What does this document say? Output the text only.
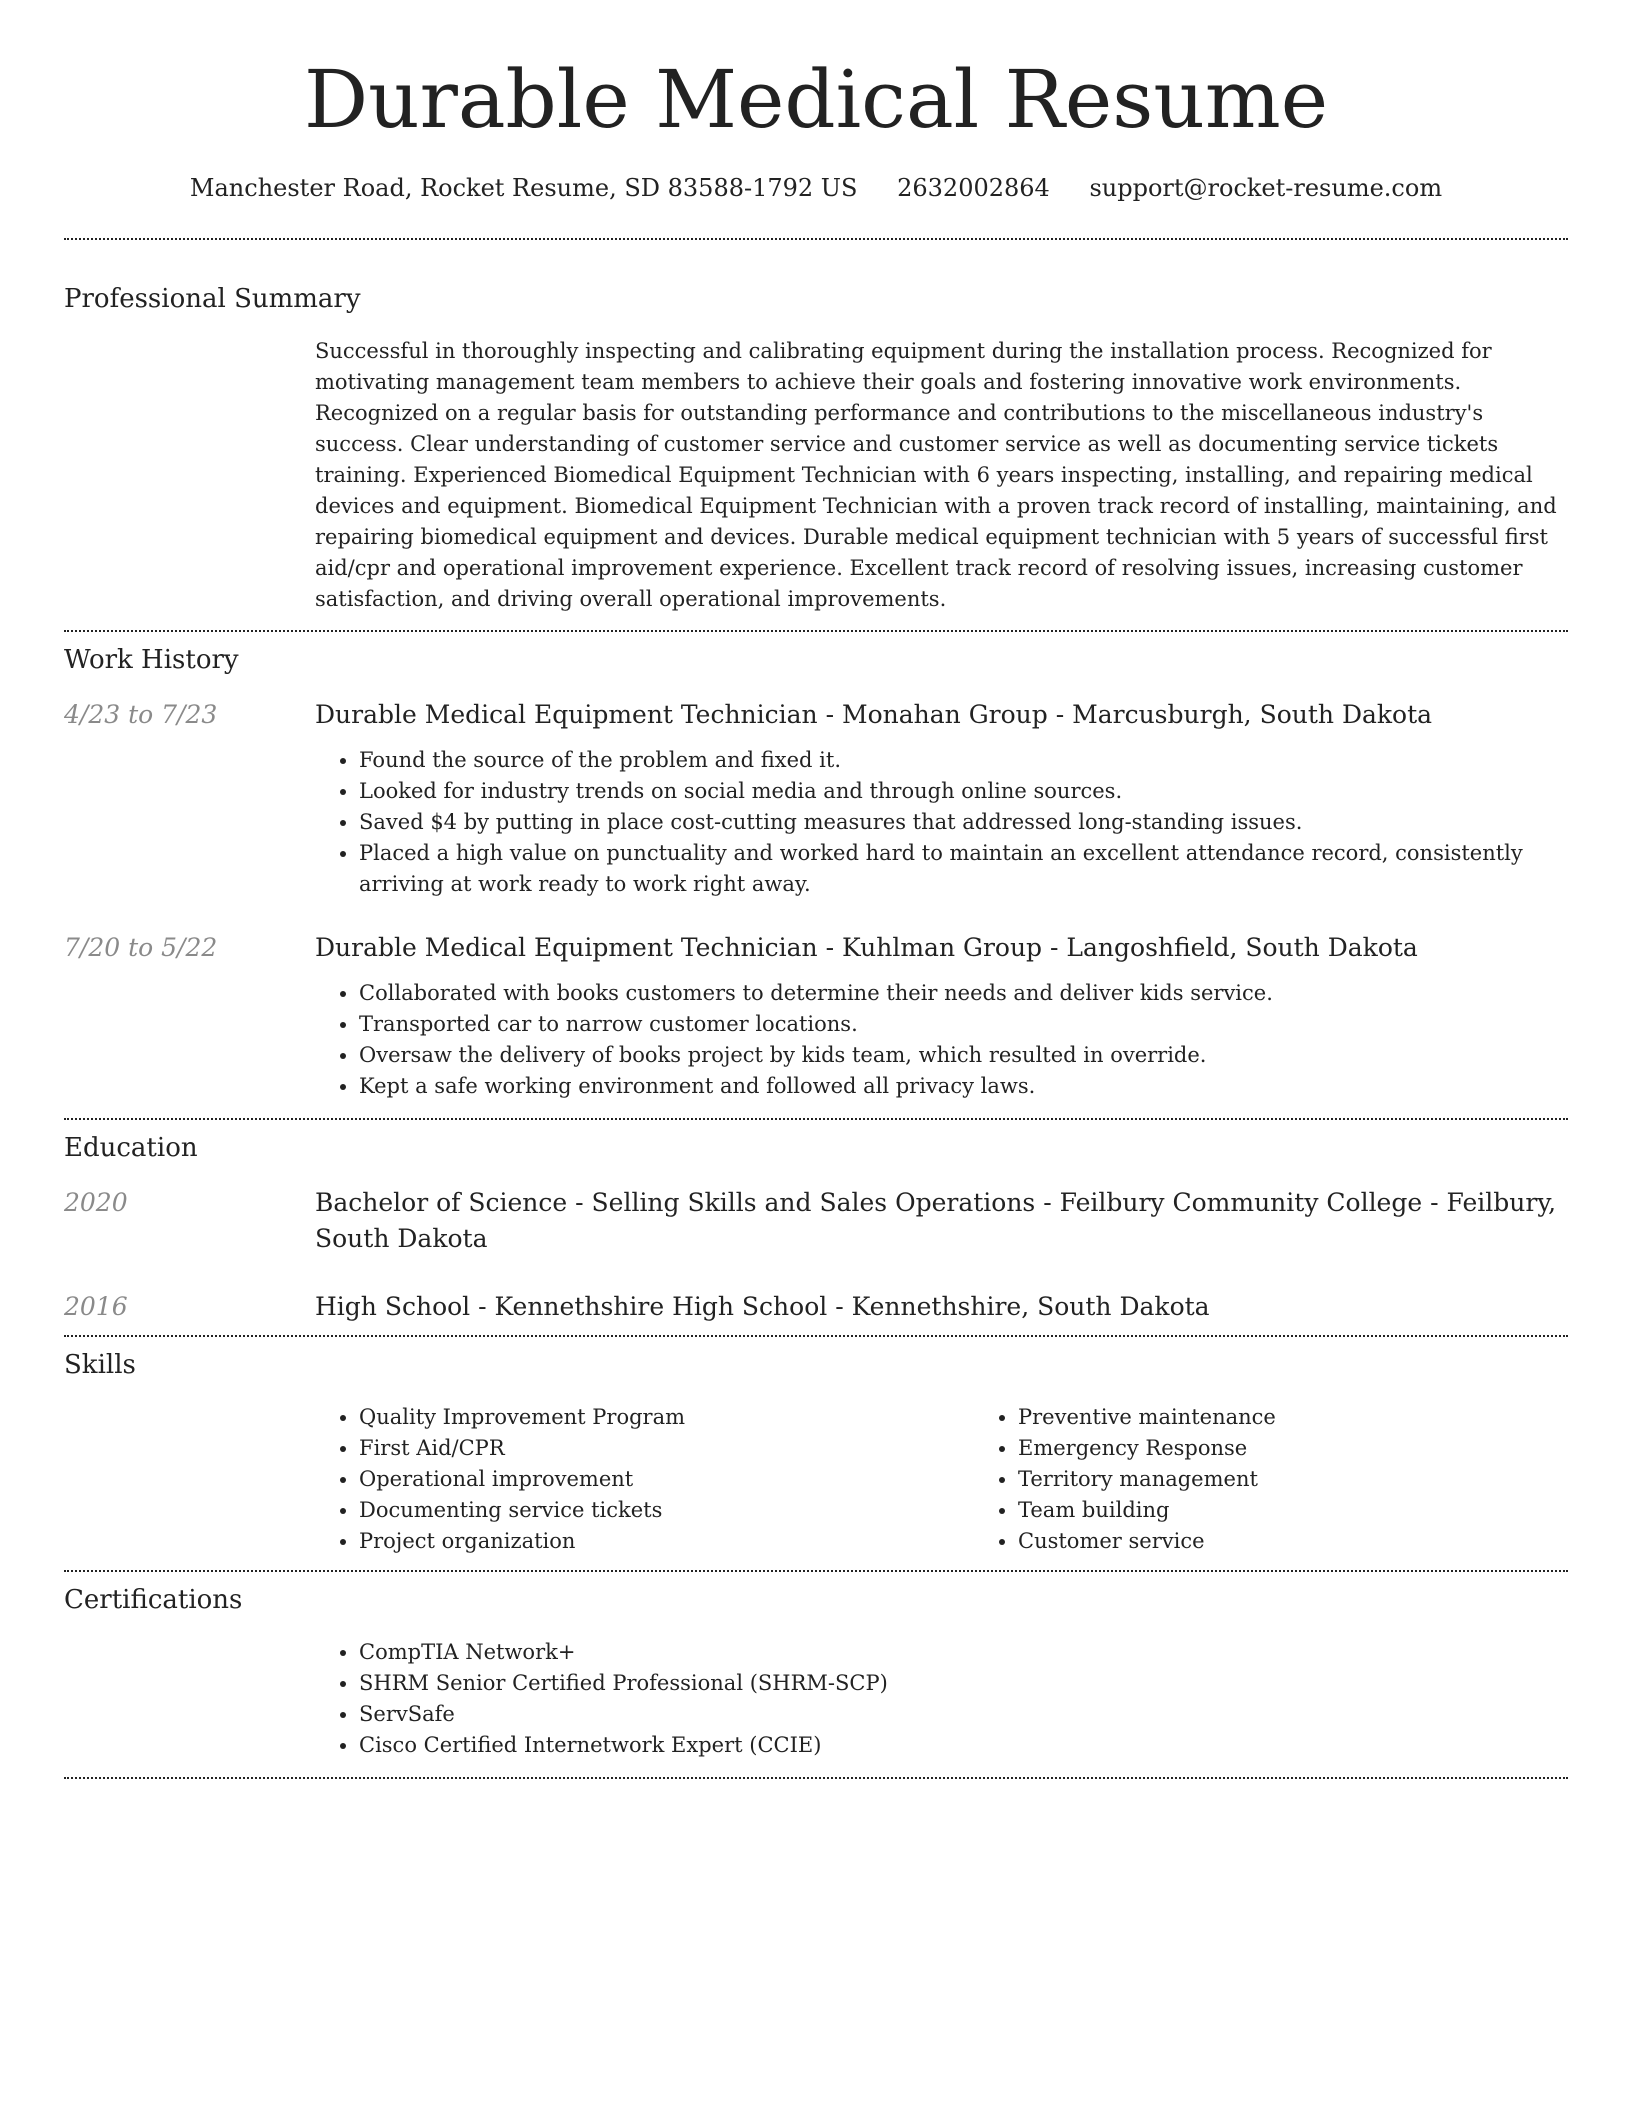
Durable Medical Resume
Manchester Road, Rocket Resume, SD 83588-1792 US 2632002864 support@rocket-resume.com
Professional Summary
Successful in thoroughly inspecting and calibrating equipment during the installation process. Recognized for motivating management team members to achieve their goals and fostering innovative work environments. Recognized on a regular basis for outstanding performance and contributions to the miscellaneous industry's success. Clear understanding of customer service and customer service as well as documenting service tickets training. Experienced Biomedical Equipment Technician with 6 years inspecting, installing, and repairing medical devices and equipment. Biomedical Equipment Technician with a proven track record of installing, maintaining, and repairing biomedical equipment and devices. Durable medical equipment technician with 5 years of successful first aid/cpr and operational improvement experience. Excellent track record of resolving issues, increasing customer satisfaction, and driving overall operational improvements.
Work History
4/23 to 7/23	Durable Medical Equipment Technician - Monahan Group - Marcusburgh, South Dakota
• Found the source of the problem and fixed it.
• Looked for industry trends on social media and through online sources.
• Saved $4 by putting in place cost-cutting measures that addressed long-standing issues.
• Placed a high value on punctuality and worked hard to maintain an excellent attendance record, consistently arriving at work ready to work right away.
7/20 to 5/22	Durable Medical Equipment Technician - Kuhlman Group - Langoshfield, South Dakota
• Collaborated with books customers to determine their needs and deliver kids service.
• Transported car to narrow customer locations.
• Oversaw the delivery of books project by kids team, which resulted in override.
• Kept a safe working environment and followed all privacy laws.
Education
2020	Bachelor of Science - Selling Skills and Sales Operations - Feilbury Community College - Feilbury, South Dakota
2016	High School - Kennethshire High School - Kennethshire, South Dakota
Skills
• Quality Improvement Program
• First Aid/CPR
• Operational improvement
• Documenting service tickets
• Project organization
• Preventive maintenance
• Emergency Response
• Territory management
• Team building
• Customer service
Certifications
• CompTIA Network+
• SHRM Senior Certified Professional (SHRM-SCP)
• ServSafe
• Cisco Certified Internetwork Expert (CCIE)
